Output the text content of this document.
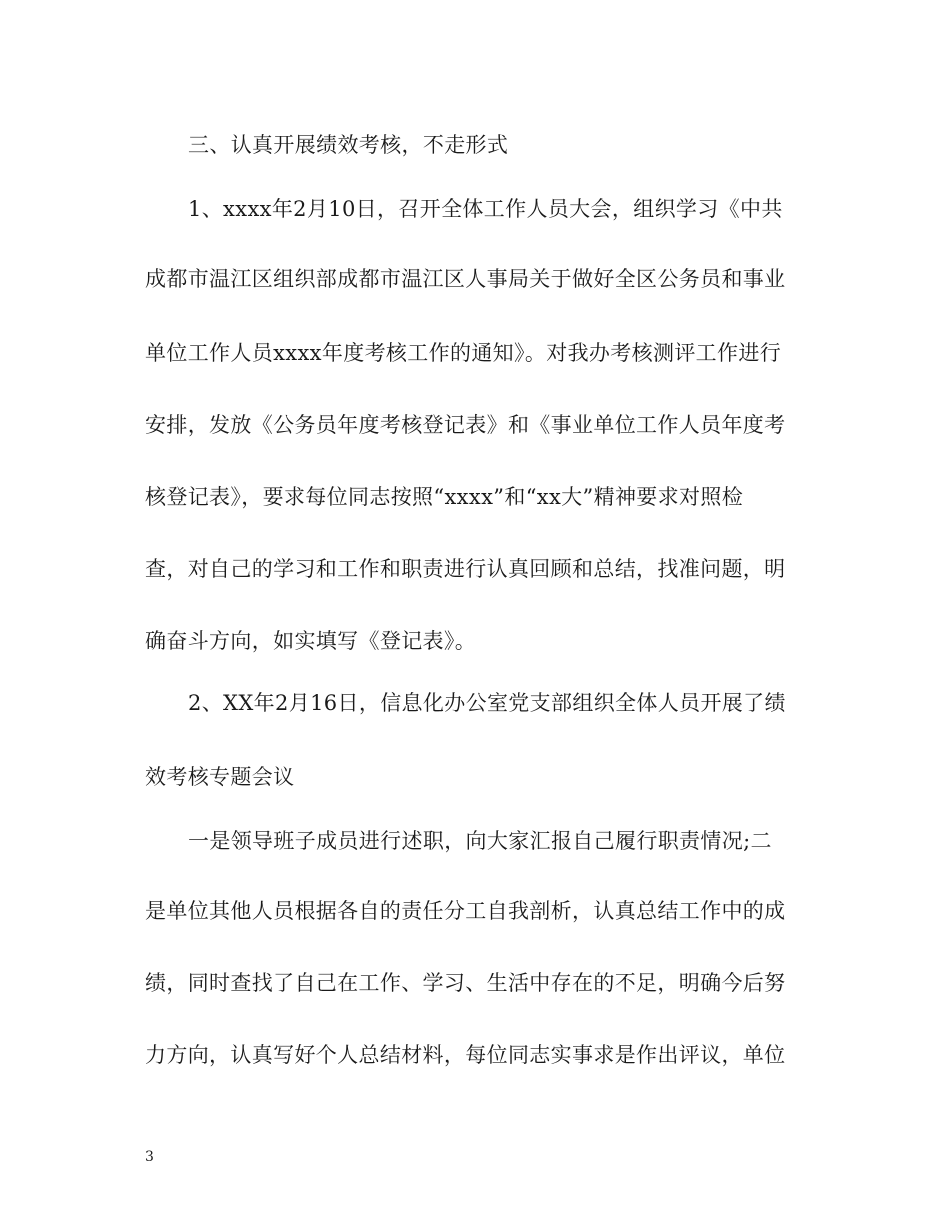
三、认真开展绩效考核，不走形式
1、xxxx年2月10日，召开全体工作人员大会，组织学习《中共
成都市温江区组织部成都市温江区人事局关于做好全区公务员和事业
单位工作人员xxxx年度考核工作的通知》。对我办考核测评工作进行
安排，发放《公务员年度考核登记表》和《事业单位工作人员年度考
核登记表》，要求每位同志按照“xxxx”和“xx大”精神要求对照检
查，对自己的学习和工作和职责进行认真回顾和总结，找准问题，明
确奋斗方向，如实填写《登记表》。
2、XX年2月16日，信息化办公室党支部组织全体人员开展了绩
效考核专题会议
一是领导班子成员进行述职，向大家汇报自己履行职责情况;二
是单位其他人员根据各自的责任分工自我剖析，认真总结工作中的成
绩，同时查找了自己在工作、学习、生活中存在的不足，明确今后努
力方向，认真写好个人总结材料，每位同志实事求是作出评议，单位
3
